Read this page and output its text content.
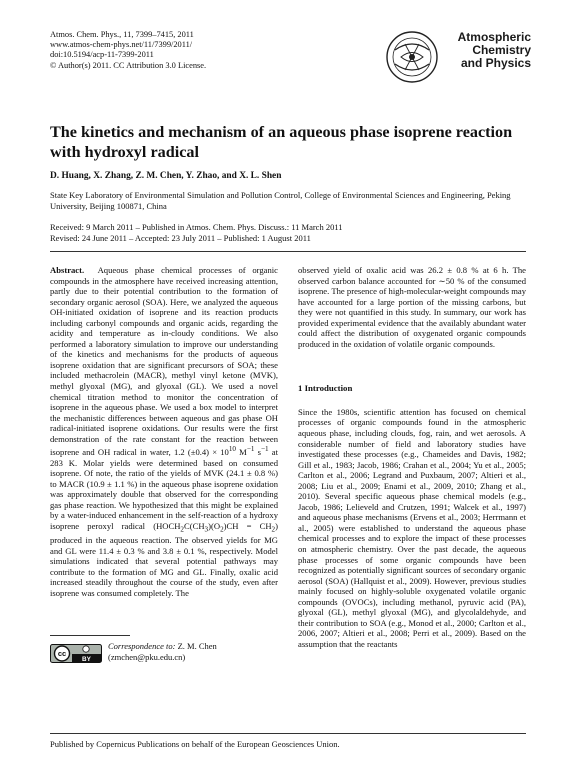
Atmos. Chem. Phys., 11, 7399–7415, 2011
www.atmos-chem-phys.net/11/7399/2011/
doi:10.5194/acp-11-7399-2011
© Author(s) 2011. CC Attribution 3.0 License.
Atmospheric
Chemistry
and Physics
The kinetics and mechanism of an aqueous phase isoprene reaction with hydroxyl radical
D. Huang, X. Zhang, Z. M. Chen, Y. Zhao, and X. L. Shen
State Key Laboratory of Environmental Simulation and Pollution Control, College of Environmental Sciences and Engineering, Peking University, Beijing 100871, China
Received: 9 March 2011 – Published in Atmos. Chem. Phys. Discuss.: 11 March 2011
Revised: 24 June 2011 – Accepted: 23 July 2011 – Published: 1 August 2011

Abstract. Aqueous phase chemical processes of organic compounds in the atmosphere have received increasing attention, partly due to their potential contribution to the formation of secondary organic aerosol (SOA). Here, we analyzed the aqueous OH-initiated oxidation of isoprene and its reaction products including carbonyl compounds and organic acids, regarding the acidity and temperature as in-cloudy conditions. We also performed a laboratory simulation to improve our understanding of the kinetics and mechanisms for the products of aqueous isoprene oxidation that are significant precursors of SOA; these included methacrolein (MACR), methyl vinyl ketone (MVK), methyl glyoxal (MG), and glyoxal (GL). We used a novel chemical titration method to monitor the concentration of isoprene in the aqueous phase. We used a box model to interpret the mechanistic differences between aqueous and gas phase OH radical-initiated isoprene oxidations. Our results were the first demonstration of the rate constant for the reaction between isoprene and OH radical in water, 1.2 $(\pm 0.4) \times 10^{10}$ $M^{-1}$ $s^{-1}$ at 283 K. Molar yields were determined based on consumed isoprene. Of note, the ratio of the yields of MVK (24.1 ± 0.8 %) to MACR (10.9 ± 1.1 %) in the aqueous phase isoprene oxidation was approximately double that observed for the corresponding gas phase reaction. We hypothesized that this might be explained by a water-induced enhancement in the self-reaction of a hydroxy isoprene peroxyl radical $(HOCH_2C(CH_3)(O_2)CH = CH_2)$ produced in the aqueous reaction. The observed yields for MG and GL were 11.4 ± 0.3 % and 3.8 ± 0.1 %, respectively. Model simulations indicated that several potential pathways may contribute to the formation of MG and GL. Finally, oxalic acid increased steadily throughout the course of the study, even after isoprene was consumed completely. The

observed yield of oxalic acid was 26.2 ± 0.8 % at 6 h. The observed carbon balance accounted for ∼50 % of the consumed isoprene. The presence of high-molecular-weight compounds may have accounted for a large portion of the missing carbons, but they were not quantified in this study. In summary, our work has provided experimental evidence that the availably abundant water could affect the distribution of oxygenated organic compounds produced in the oxidation of volatile organic compounds.

1 Introduction

Since the 1980s, scientific attention has focused on chemical processes of organic compounds found in the atmospheric aqueous phase, including clouds, fog, rain, and wet aerosols. A considerable number of field and laboratory studies have investigated these processes (e.g., Chameides and Davis, 1982; Gill et al., 1983; Jacob, 1986; Crahan et al., 2004; Yu et al., 2005; Carlton et al., 2006; Legrand and Puxbaum, 2007; Altieri et al., 2008; Liu et al., 2009; Enami et al., 2009, 2010; Zhang et al., 2010). Several specific aqueous phase chemical models (e.g., Jacob, 1986; Lelieveld and Crutzen, 1991; Walcek et al., 1997) and aqueous phase mechanisms (Ervens et al., 2003; Herrmann et al., 2005) were established to understand the aqueous phase chemical processes and to explore the impact of these processes on atmospheric chemistry. Over the past decade, the aqueous phase processes of some organic compounds have been recognized as potentially significant sources of secondary organic aerosol (SOA) (Hallquist et al., 2009). However, previous studies mainly focused on highly-soluble oxygenated volatile organic compounds (OVOCs), including methanol, pyruvic acid (PA), glyoxal (GL), methyl glyoxal (MG), and glycolaldehyde, and their contribution to SOA (e.g., Monod et al., 2000; Carlton et al., 2006, 2007; Altieri et al., 2008; Perri et al., 2009). Based on the assumption that the reactants

cc
BY
Correspondence to: Z. M. Chen
(zmchen@pku.edu.cn)
Published by Copernicus Publications on behalf of the European Geosciences Union.
